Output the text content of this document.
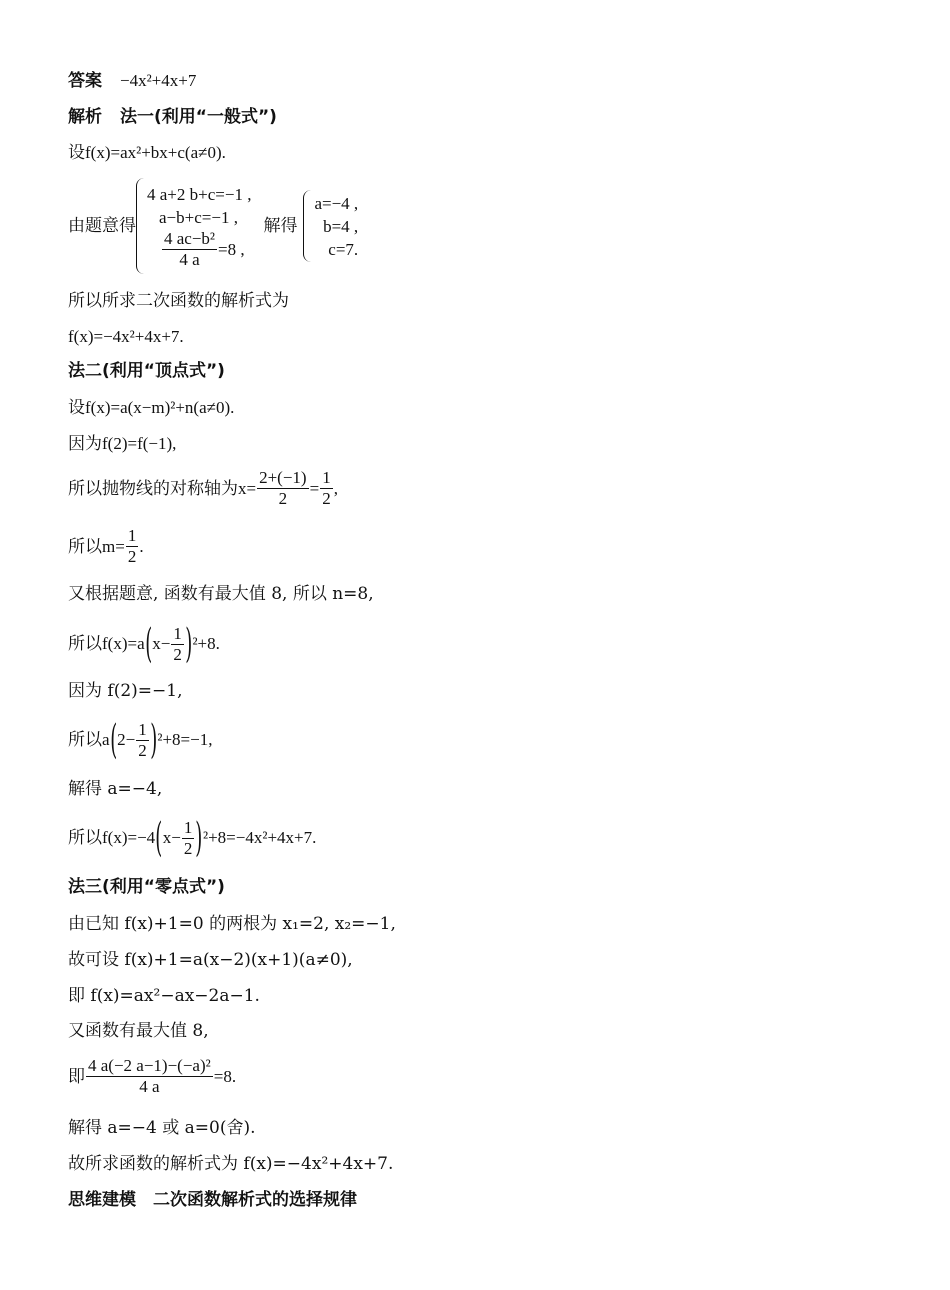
答案 −4x²+4x+7
解析 法一(利用“一般式”)
设 f(x)=ax²+bx+c(a≠0).
由题意得
4 a+2 b+c=−1 ,
a−b+c=−1 ,
$\frac{\text{4 ac−b²}}{4 a} =8$ ,
解得
a=−4 ,
b=4 ,
c=7.
所以所求二次函数的解析式为
f(x)=−4x²+4x+7.
法二(利用“顶点式”)
设 f(x)=a(x−m)²+n(a≠0).
因为 f(2)=f(−1),
所以抛物线的对称轴为 $x= \frac{2+(-1)}{2} = \frac{1}{2}$ ,
所以 $m= \frac{1}{2}$ .
又根据题意, 函数有最大值 8, 所以 n=8,
所以 f(x)=a ( $x- \frac{1}{2}$ ) ²+8.
因为 f(2)=−1,
所以 a ( $2- \frac{1}{2}$ ) ²+8=−1,
解得 a=−4,
所以 f(x)=−4 ( $x- \frac{1}{2}$ ) ²+8=−4x²+4x+7.
法三(利用“零点式”)
由已知 f(x)+1=0 的两根为 x₁=2, x₂=−1,
故可设 f(x)+1=a(x−2)(x+1)(a≠0),
即 f(x)=ax²−ax−2a−1.
又函数有最大值 8,
即 $\frac{\text{4 a(−2 a−1)−(−a)²}}{4 a} =8$.
解得 a=−4 或 a=0(舍).
故所求函数的解析式为 f(x)=−4x²+4x+7.
思维建模　二次函数解析式的选择规律
